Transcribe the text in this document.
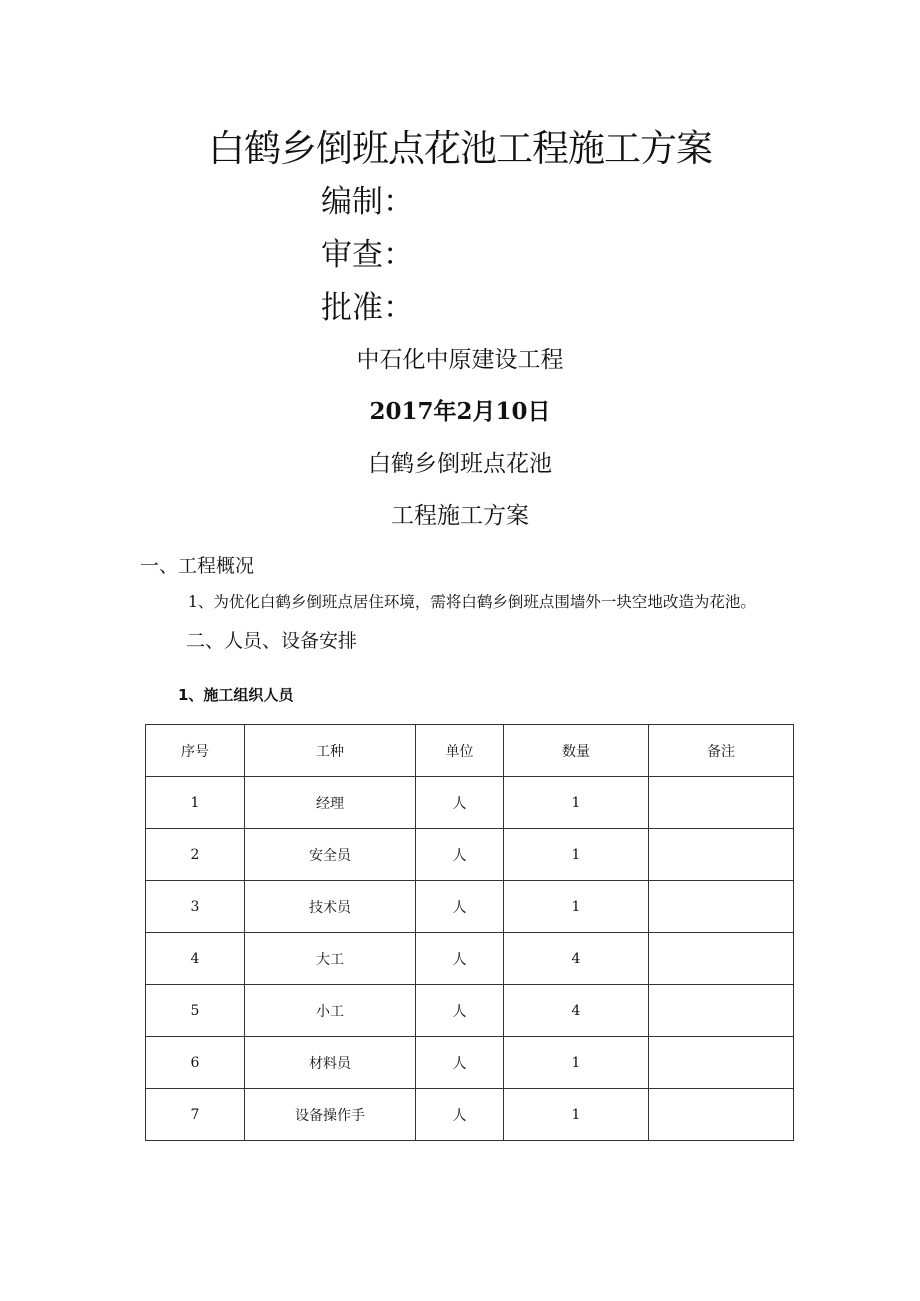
白鹤乡倒班点花池工程施工方案
编制：
审查：
批准：
中石化中原建设工程
2017年2月10日
白鹤乡倒班点花池
工程施工方案
一、工程概况
1、为优化白鹤乡倒班点居住环境，需将白鹤乡倒班点围墙外一块空地改造为花池。
二、人员、设备安排
1、施工组织人员
序号	工种	单位	数量	备注
1	经理	人	1	
2	安全员	人	1	
3	技术员	人	1	
4	大工	人	4	
5	小工	人	4	
6	材料员	人	1	
7	设备操作手	人	1	
